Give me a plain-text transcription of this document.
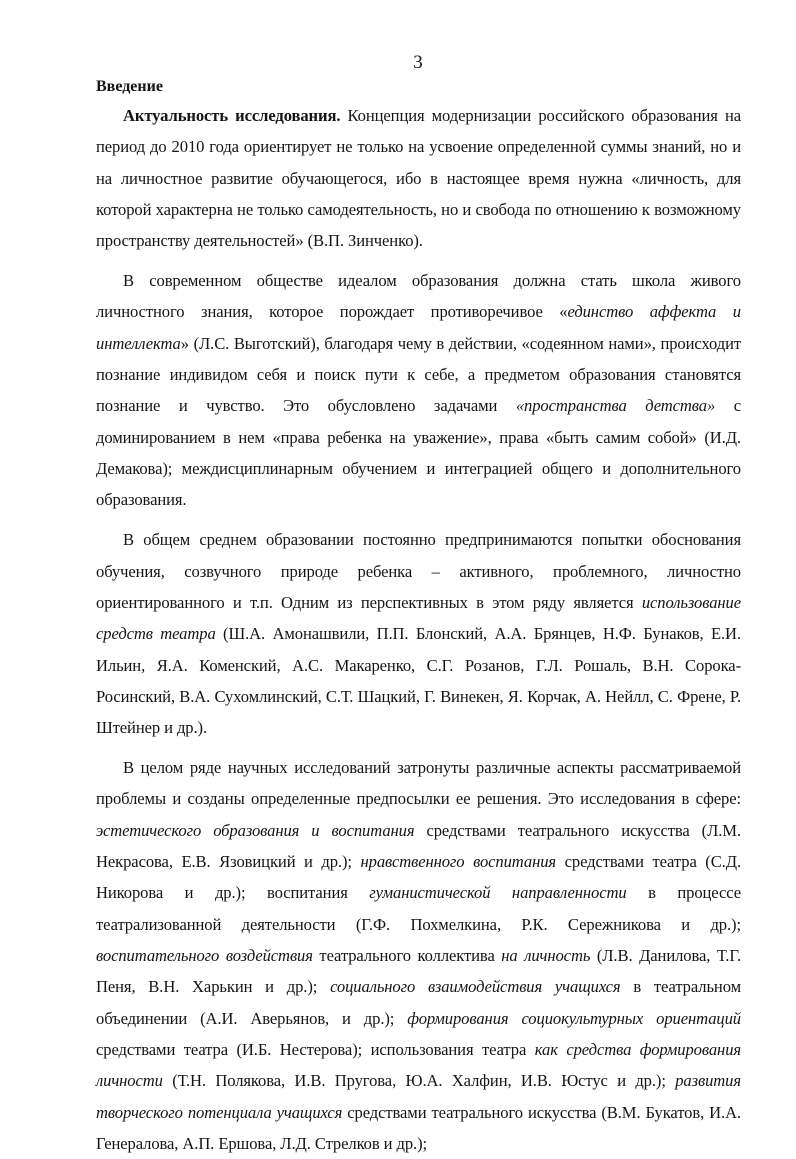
3
Введение

Актуальность исследования. Концепция модернизации российского образования на период до 2010 года ориентирует не только на усвоение определенной суммы знаний, но и на личностное развитие обучающегося, ибо в настоящее время нужна «личность, для которой характерна не только самодеятельность, но и свобода по отношению к возможному пространству деятельностей» (В.П. Зинченко).

В современном обществе идеалом образования должна стать школа живого личностного знания, которое порождает противоречивое «единство аффекта и интеллекта» (Л.С. Выготский), благодаря чему в действии, «содеянном нами», происходит познание индивидом себя и поиск пути к себе, а предметом образования становятся познание и чувство. Это обусловлено задачами «пространства детства» с доминированием в нем «права ребенка на уважение», права «быть самим собой» (И.Д. Демакова); междисциплинарным обучением и интеграцией общего и дополнительного образования.

В общем среднем образовании постоянно предпринимаются попытки обоснования обучения, созвучного природе ребенка – активного, проблемного, личностно ориентированного и т.п. Одним из перспективных в этом ряду является использование средств театра (Ш.А. Амонашвили, П.П. Блонский, А.А. Брянцев, Н.Ф. Бунаков, Е.И. Ильин, Я.А. Коменский, А.С. Макаренко, С.Г. Розанов, Г.Л. Рошаль, В.Н. Сорока-Росинский, В.А. Сухомлинский, С.Т. Шацкий, Г. Винекен, Я. Корчак, А. Нейлл, С. Френе, Р. Штейнер и др.).

В целом ряде научных исследований затронуты различные аспекты рассматриваемой проблемы и созданы определенные предпосылки ее решения. Это исследования в сфере: эстетического образования и воспитания средствами театрального искусства (Л.М. Некрасова, Е.В. Язовицкий и др.); нравственного воспитания средствами театра (С.Д. Никорова и др.); воспитания гуманистической направленности в процессе театрализованной деятельности (Г.Ф. Похмелкина, Р.К. Сережникова и др.); воспитательного воздействия театрального коллектива на личность (Л.В. Данилова, Т.Г. Пеня, В.Н. Харькин и др.); социального взаимодействия учащихся в театральном объединении (А.И. Аверьянов, и др.); формирования социокультурных ориентаций средствами театра (И.Б. Нестерова); использования театра как средства формирования личности (Т.Н. Полякова, И.В. Пругова, Ю.А. Халфин, И.В. Юстус и др.); развития творческого потенциала учащихся средствами театрального искусства (В.М. Букатов, И.А. Генералова, А.П. Ершова, Л.Д. Стрелков и др.);
